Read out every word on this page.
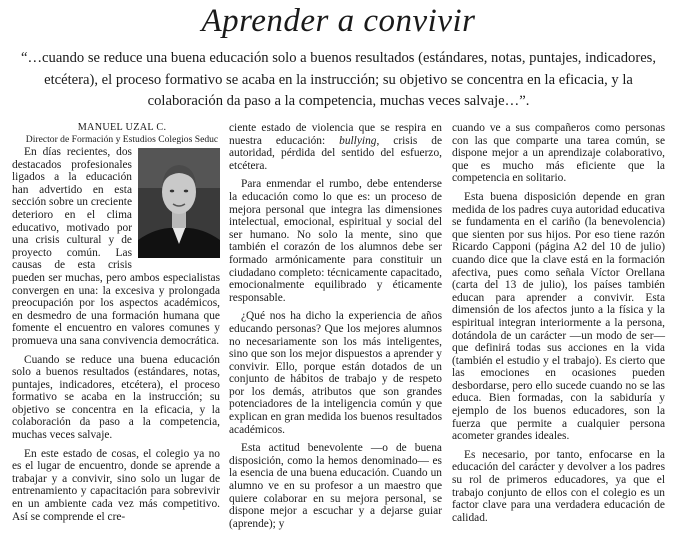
Aprender a convivir

“…cuando se reduce una buena educación solo a buenos resultados (estándares, notas, puntajes, indicadores, etcétera), el proceso formativo se acaba en la instrucción; su objetivo se concentra en la eficacia, y la colaboración da paso a la competencia, muchas veces salvaje…”.

MANUEL UZAL C.

Director de Formación y Estudios Colegios Seduc

En días recientes, dos destacados profesionales ligados a la educación han advertido en esta sección sobre un creciente deterioro en el clima educativo, motivado por una crisis cultural y de proyecto común. Las causas de esta crisis pueden ser muchas, pero ambos especialistas convergen en una: la excesiva y prolongada preocupación por los aspectos académicos, en desmedro de una formación humana que fomente el encuentro en valores comunes y promueva una sana convivencia democrática.

Cuando se reduce una buena educación solo a buenos resultados (estándares, notas, puntajes, indicadores, etcétera), el proceso formativo se acaba en la instrucción; su objetivo se concentra en la eficacia, y la colaboración da paso a la competencia, muchas veces salvaje.

En este estado de cosas, el colegio ya no es el lugar de encuentro, donde se aprende a trabajar y a convivir, sino solo un lugar de entrenamiento y capacitación para sobrevivir en un ambiente cada vez más competitivo. Así se comprende el cre-

ciente estado de violencia que se respira en nuestra educación: bullying, crisis de autoridad, pérdida del sentido del esfuerzo, etcétera.

Para enmendar el rumbo, debe entenderse la educación como lo que es: un proceso de mejora personal que integra las dimensiones intelectual, emocional, espiritual y social del ser humano. No solo la mente, sino que también el corazón de los alumnos debe ser formado armónicamente para constituir un ciudadano completo: técnicamente capacitado, emocionalmente equilibrado y éticamente responsable.

¿Qué nos ha dicho la experiencia de años educando personas? Que los mejores alumnos no necesariamente son los más inteligentes, sino que son los mejor dispuestos a aprender y convivir. Ello, porque están dotados de un conjunto de hábitos de trabajo y de respeto por los demás, atributos que son grandes potenciadores de la inteligencia común y que explican en gran medida los buenos resultados académicos.

Esta actitud benevolente —o de buena disposición, como la hemos denominado— es la esencia de una buena educación. Cuando un alumno ve en su profesor a un maestro que quiere colaborar en su mejora personal, se dispone mejor a escuchar y a dejarse guiar (aprende); y

cuando ve a sus compañeros como personas con las que comparte una tarea común, se dispone mejor a un aprendizaje colaborativo, que es mucho más eficiente que la competencia en solitario.

Esta buena disposición depende en gran medida de los padres cuya autoridad educativa se fundamenta en el cariño (la benevolencia) que sienten por sus hijos. Por eso tiene razón Ricardo Capponi (página A2 del 10 de julio) cuando dice que la clave está en la formación afectiva, pues como señala Víctor Orellana (carta del 13 de julio), los países también educan para aprender a convivir. Esta dimensión de los afectos junto a la física y la espiritual integran interiormente a la persona, dotándola de un carácter —un modo de ser— que definirá todas sus acciones en la vida (también el estudio y el trabajo). Es cierto que las emociones en ocasiones pueden desbordarse, pero ello sucede cuando no se las educa. Bien formadas, con la sabiduría y ejemplo de los buenos educadores, son la fuerza que permite a cualquier persona acometer grandes ideales.

Es necesario, por tanto, enfocarse en la educación del carácter y devolver a los padres su rol de primeros educadores, ya que el trabajo conjunto de ellos con el colegio es un factor clave para una verdadera educación de calidad.
